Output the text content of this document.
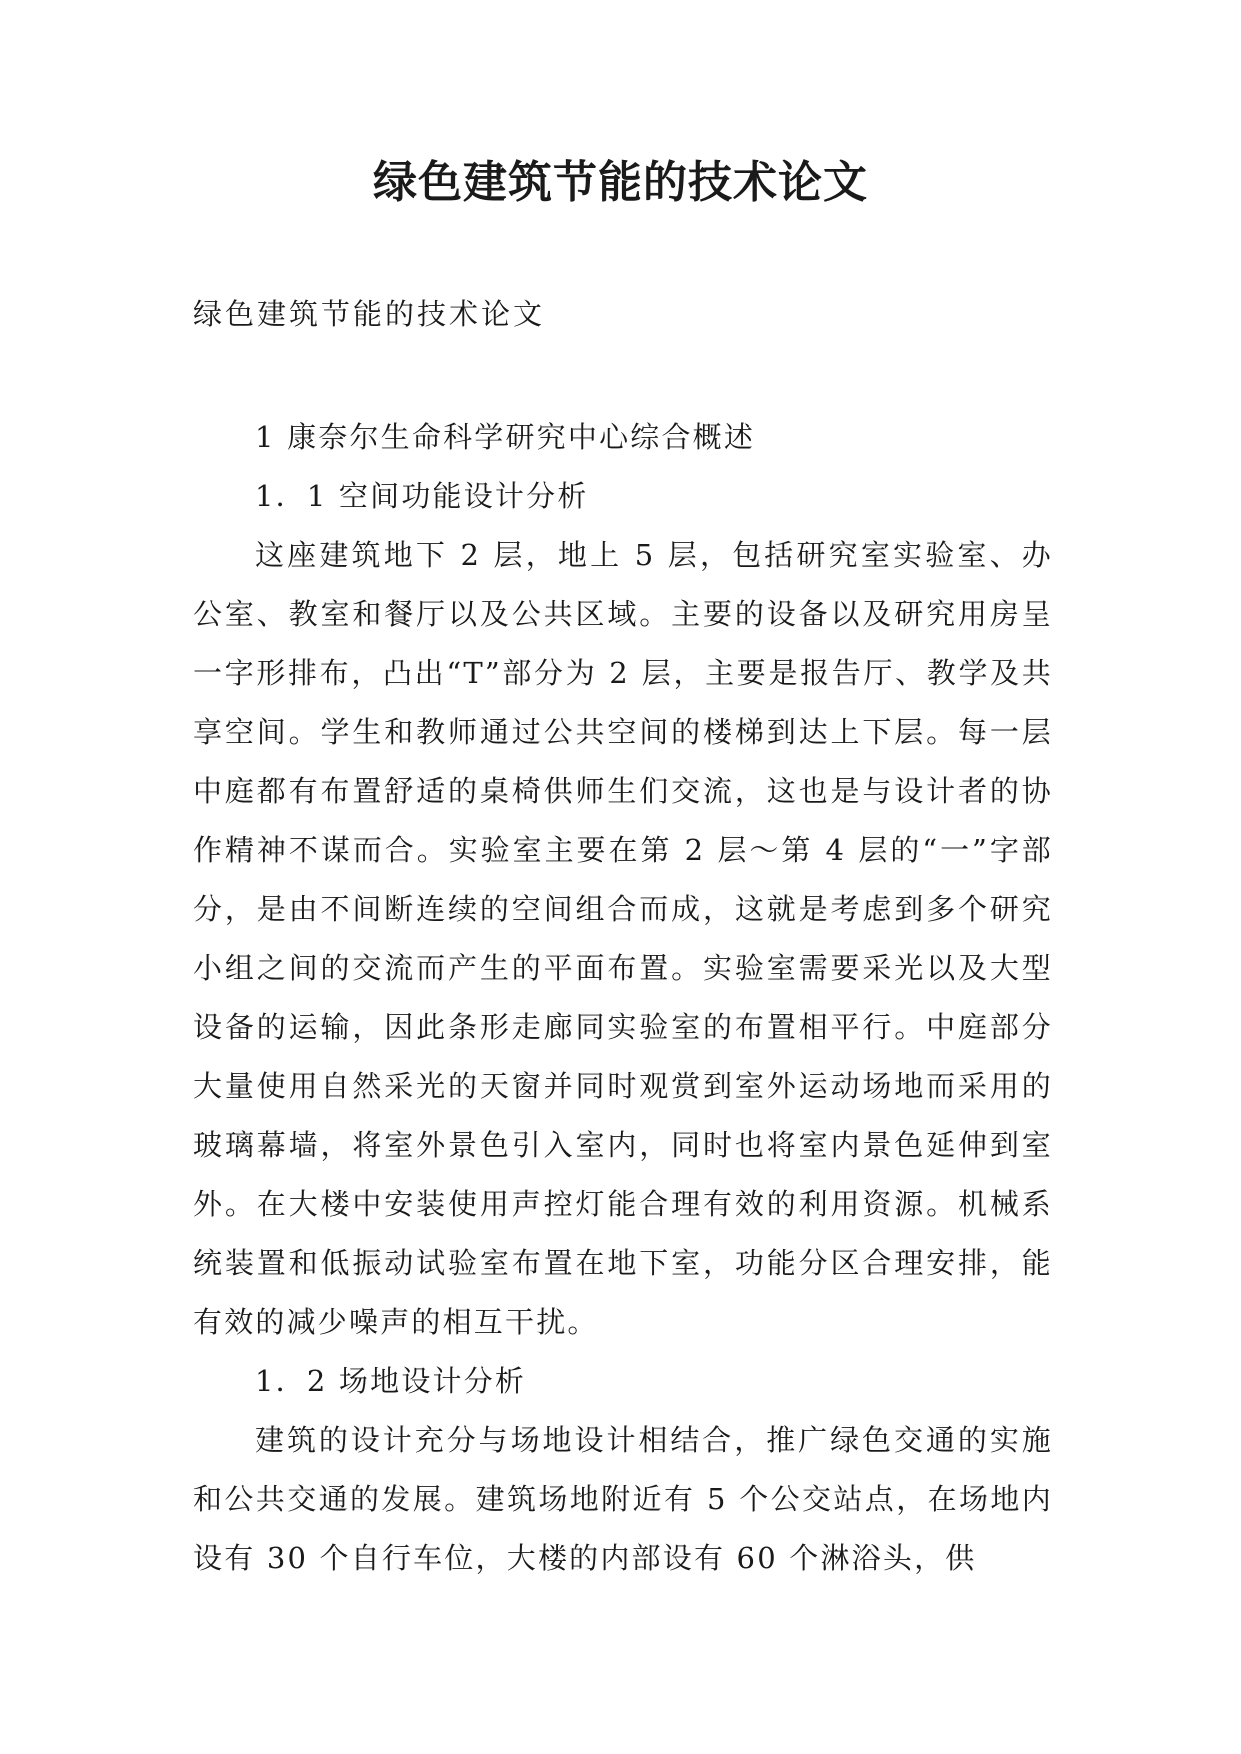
绿色建筑节能的技术论文

绿色建筑节能的技术论文

1 康奈尔生命科学研究中心综合概述

1．1 空间功能设计分析

这座建筑地下 2 层，地上 5 层，包括研究室实验室、办公室、教室和餐厅以及公共区域。主要的设备以及研究用房呈一字形排布，凸出“T”部分为 2 层，主要是报告厅、教学及共享空间。学生和教师通过公共空间的楼梯到达上下层。每一层中庭都有布置舒适的桌椅供师生们交流，这也是与设计者的协作精神不谋而合。实验室主要在第 2 层～第 4 层的“一”字部分，是由不间断连续的空间组合而成，这就是考虑到多个研究小组之间的交流而产生的平面布置。实验室需要采光以及大型设备的运输，因此条形走廊同实验室的布置相平行。中庭部分大量使用自然采光的天窗并同时观赏到室外运动场地而采用的玻璃幕墙，将室外景色引入室内，同时也将室内景色延伸到室外。在大楼中安装使用声控灯能合理有效的利用资源。机械系统装置和低振动试验室布置在地下室，功能分区合理安排，能有效的减少噪声的相互干扰。

1．2 场地设计分析

建筑的设计充分与场地设计相结合，推广绿色交通的实施和公共交通的发展。建筑场地附近有 5 个公交站点，在场地内设有 30 个自行车位，大楼的内部设有 60 个淋浴头，供
